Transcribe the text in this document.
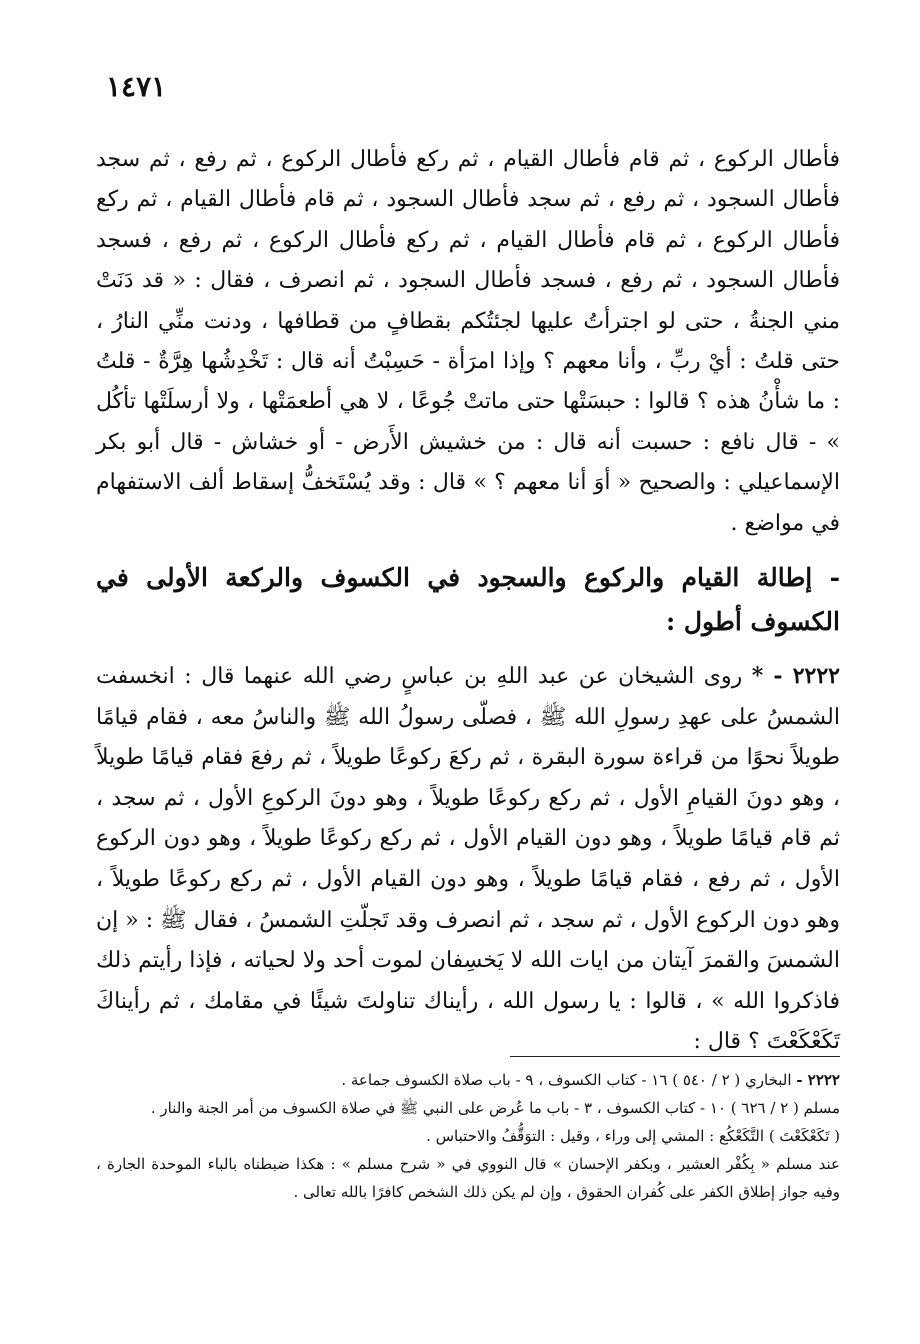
١٤٧١

فأطال الركوع ، ثم قام فأطال القيام ، ثم ركع فأطال الركوع ، ثم رفع ، ثم سجد فأطال السجود ، ثم رفع ، ثم سجد فأطال السجود ، ثم قام فأطال القيام ، ثم ركع فأطال الركوع ، ثم قام فأطال القيام ، ثم ركع فأطال الركوع ، ثم رفع ، فسجد فأطال السجود ، ثم رفع ، فسجد فأطال السجود ، ثم انصرف ، فقال : « قد دَنَتْ مني الجنةُ ، حتى لو اجترأتُ عليها لجئتُكم بقطافٍ من قطافها ، ودنت منِّي النارُ ، حتى قلتُ : أيْ ربِّ ، وأنا معهم ؟ وإذا امرَأة - حَسِبْتُ أنه قال : تَخْدِشُها هِرَّةٌ - قلتُ : ما شأْنُ هذه ؟ قالوا : حبسَتْها حتى ماتتْ جُوعًا ، لا هي أطعمَتْها ، ولا أرسلَتْها تأكُل » - قال نافع : حسبت أنه قال : من خشيش الأَرض - أو خشاش - قال أبو بكر الإسماعيلي : والصحيح « أوَ أنا معهم ؟ » قال : وقد يُسْتَخفُّ إسقاط ألف الاستفهام في مواضع .

- إطالة القيام والركوع والسجود في الكسوف والركعة الأولى في الكسوف أطول :

٢٢٢٢ - * روى الشيخان عن عبد اللهِ بن عباسٍ رضي الله عنهما قال : انخسفت الشمسُ على عهدِ رسولِ الله ﷺ ، فصلّى رسولُ الله ﷺ والناسُ معه ، فقام قيامًا طويلاً نحوًا من قراءة سورة البقرة ، ثم ركعَ ركوعًا طويلاً ، ثم رفعَ فقام قيامًا طويلاً ، وهو دونَ القيامِ الأول ، ثم ركع ركوعًا طويلاً ، وهو دونَ الركوعِ الأول ، ثم سجد ، ثم قام قيامًا طويلاً ، وهو دون القيام الأول ، ثم ركع ركوعًا طويلاً ، وهو دون الركوع الأول ، ثم رفع ، فقام قيامًا طويلاً ، وهو دون القيام الأول ، ثم ركع ركوعًا طويلاً ، وهو دون الركوع الأول ، ثم سجد ، ثم انصرف وقد تَجلّتِ الشمسُ ، فقال ﷺ : « إن الشمسَ والقمرَ آيتان من ايات الله لا يَخسِفان لموت أحد ولا لحياته ، فإذا رأيتم ذلك فاذكروا الله » ، قالوا : يا رسول الله ، رأيناك تناولتَ شيئًا في مقامك ، ثم رأيناكَ تَكَعْكَعْتَ ؟ قال :

٢٢٢٢ - البخاري ( ٢ / ٥٤٠ ) ١٦ - كتاب الكسوف ، ٩ - باب صلاة الكسوف جماعة .

مسلم ( ٢ / ٦٢٦ ) ١٠ - كتاب الكسوف ، ٣ - باب ما عُرض على النبي ﷺ في صلاة الكسوف من أمر الجنة والنار .

( تَكَعْكَعْتَ ) التَّكَعْكُع : المشي إلى وراء ، وقيل : التوَقُّفُ والاحتباس .

عند مسلم « بِكُفْر العشير ، وبكفر الإحسان » قال النووي في « شرح مسلم » : هكذا ضبطناه بالباء الموحدة الجارة ، وفيه جواز إطلاق الكفر على كُفران الحقوق ، وإن لم يكن ذلك الشخص كافرًا بالله تعالى .
